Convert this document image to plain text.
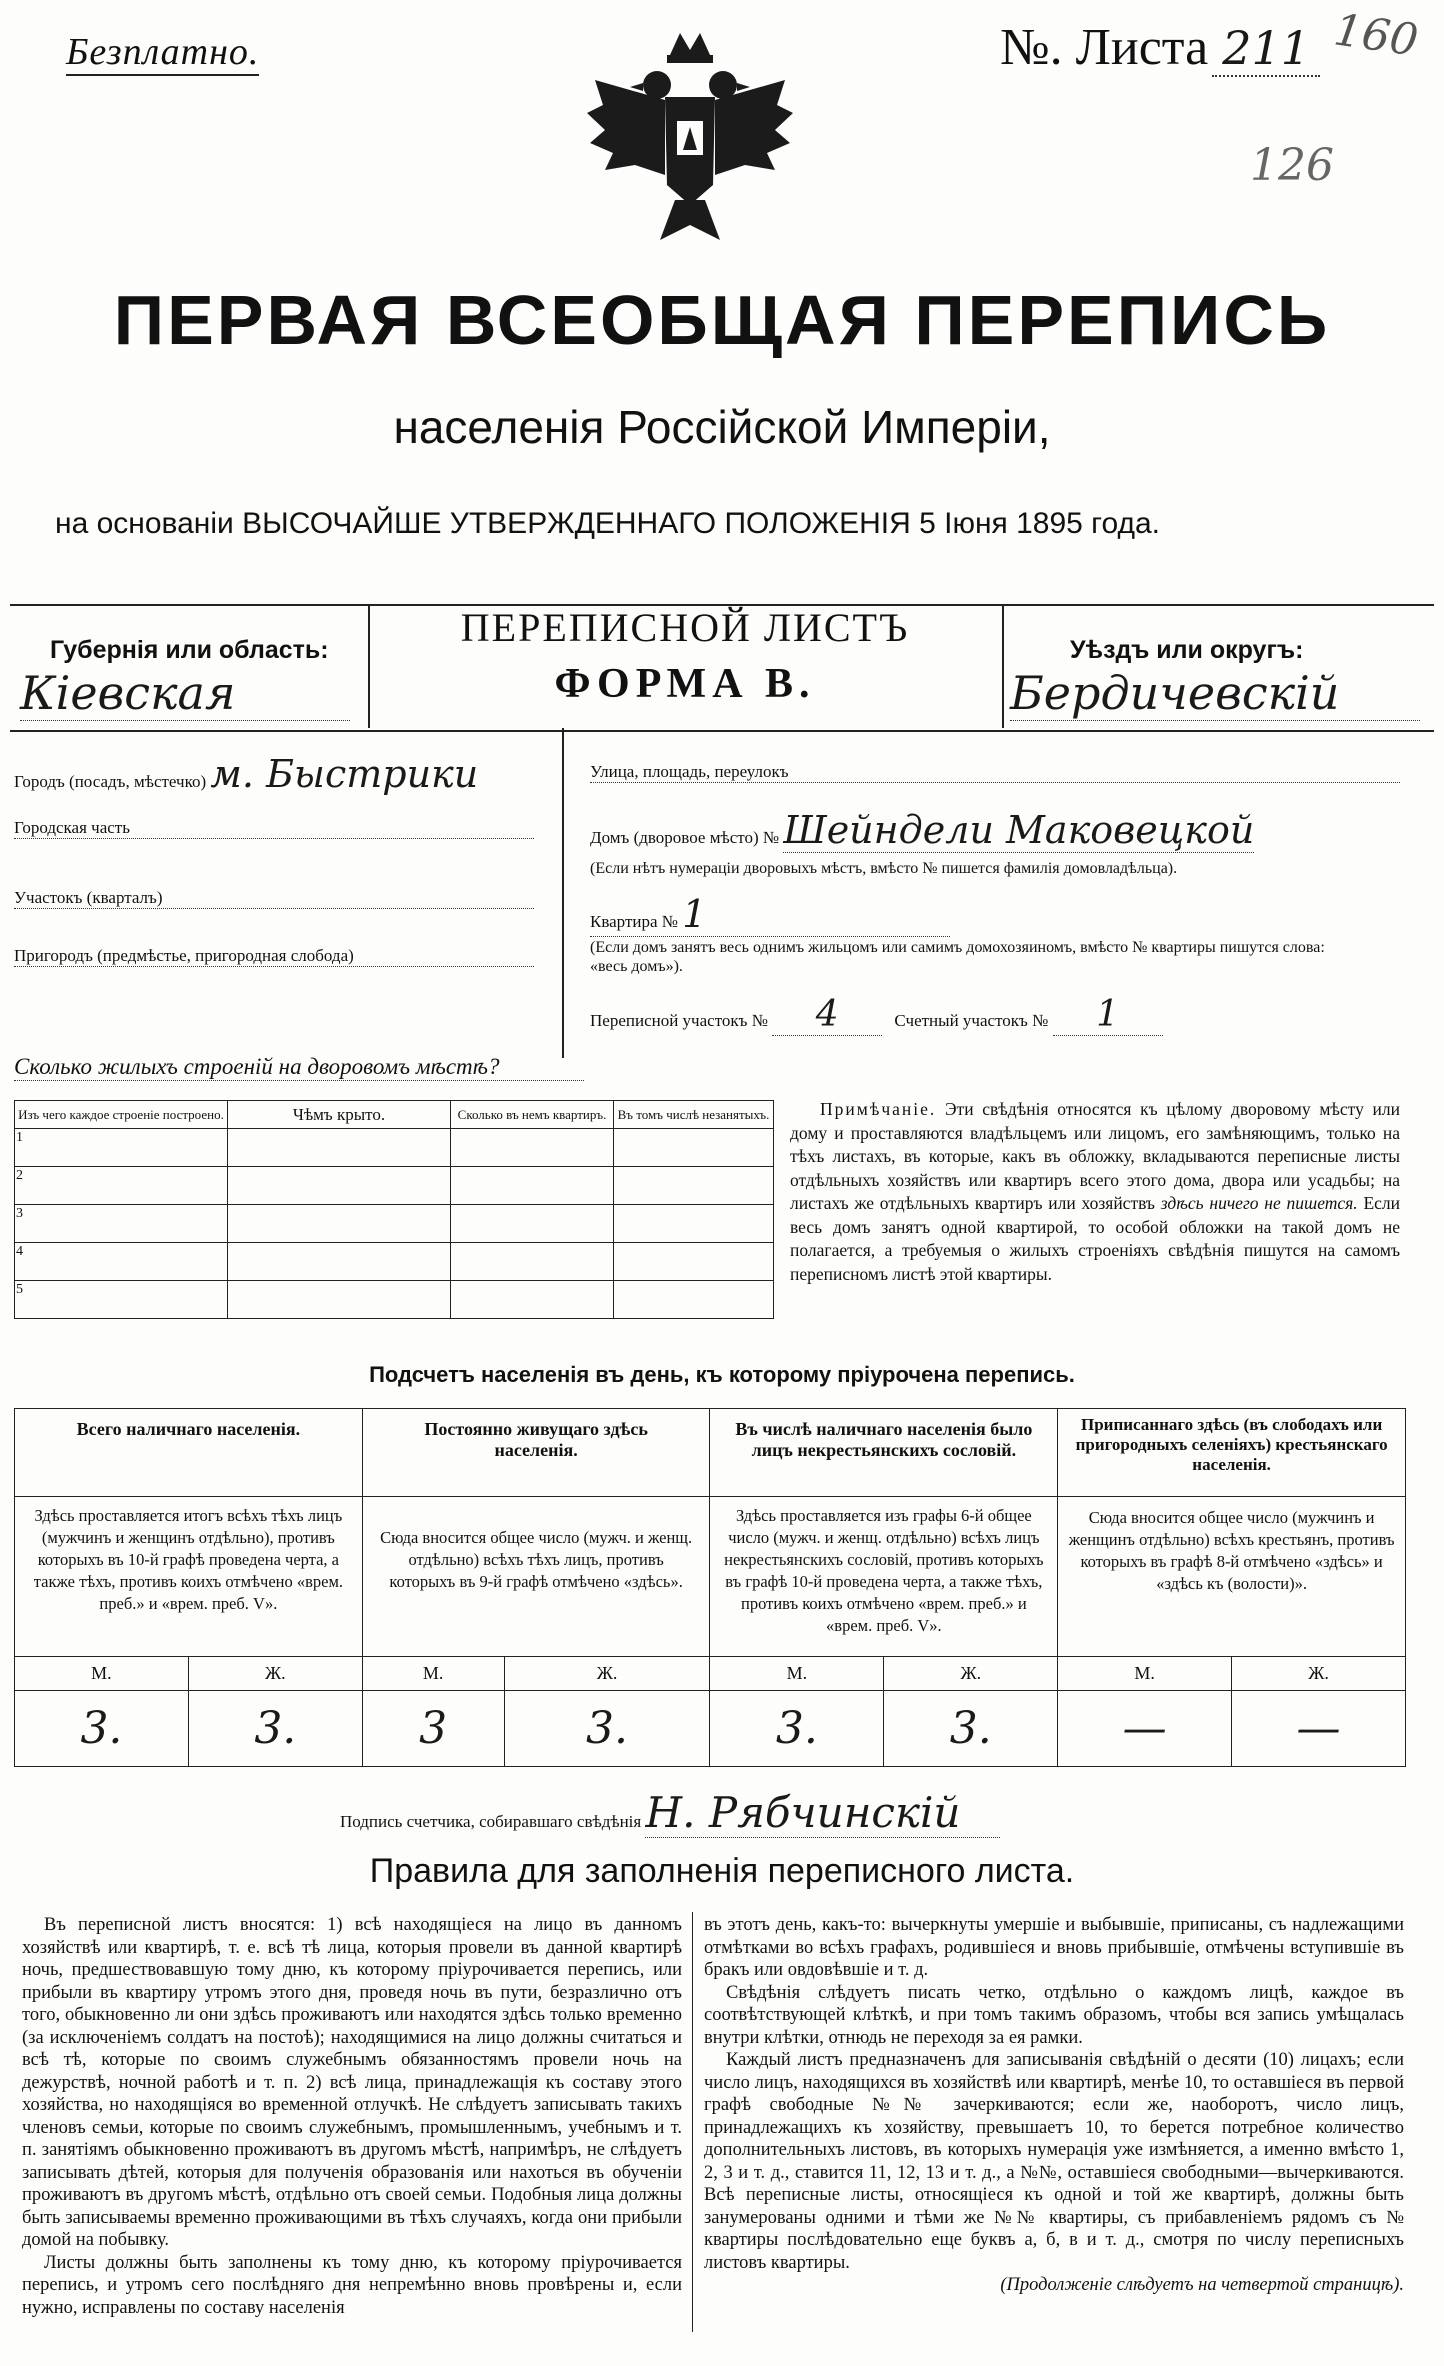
Безплатно.	№. Листа 211 160
126
ПЕРВАЯ ВСЕОБЩАЯ ПЕРЕПИСЬ
населенія Россійской Имперіи,
на основаніи ВЫСОЧАЙШЕ УТВЕРЖДЕННАГО ПОЛОЖЕНІЯ 5 Іюня 1895 года.
Губернія или область:
Кіевская
ПЕРЕПИСНОЙ ЛИСТЪ
ФОРМА В.
Уѣздъ или округъ:
Бердичевскій
Городъ (посадъ, мѣстечко) м. Быстрики
Городская часть
Участокъ (кварталъ)
Пригородъ (предмѣстье, пригородная слобода)
Улица, площадь, переулокъ
Домъ (дворовое мѣсто) № Шейндели Маковецкой
(Если нѣтъ нумераціи дворовыхъ мѣстъ, вмѣсто № пишется фамилія домовладѣльца).
Квартира № 1
(Если домъ занятъ весь однимъ жильцомъ или самимъ домохозяиномъ, вмѣсто № квартиры пишутся слова: «весь домъ»).
Переписной участокъ № 4	Счетный участокъ № 1
Сколько жилыхъ строеній на дворовомъ мѣстѣ?
Изъ чего каждое строеніе построено.	Чѣмъ крыто.	Сколько въ немъ квартиръ.	Въ томъ числѣ незанятыхъ.
1			
2			
3			
4			
5			
Примѣчаніе. Эти свѣдѣнія относятся къ цѣлому дворовому мѣсту или дому и проставляются владѣльцемъ или лицомъ, его замѣняющимъ, только на тѣхъ листахъ, въ которые, какъ въ обложку, вкладываются переписные листы отдѣльныхъ хозяйствъ или квартиръ всего этого дома, двора или усадьбы; на листахъ же отдѣльныхъ квартиръ или хозяйствъ здѣсь ничего не пишется. Если весь домъ занятъ одной квартирой, то особой обложки на такой домъ не полагается, а требуемыя о жилыхъ строеніяхъ свѣдѣнія пишутся на самомъ переписномъ листѣ этой квартиры.
Подсчетъ населенія въ день, къ которому пріурочена перепись.
Всего наличнаго населенія.		Постоянно живущаго здѣсь населенія.		Въ числѣ наличнаго населенія было лицъ некрестьянскихъ сословій.		Приписаннаго здѣсь (въ слободахъ или пригородныхъ селеніяхъ) крестьянскаго населенія.	
Здѣсь проставляется итогъ всѣхъ тѣхъ лицъ (мужчинъ и женщинъ отдѣльно), противъ которыхъ въ 10-й графѣ проведена черта, а также тѣхъ, противъ коихъ отмѣчено «врем. преб.» и «врем. преб. V».		Сюда вносится общее число (мужч. и женщ. отдѣльно) всѣхъ тѣхъ лицъ, противъ которыхъ въ 9-й графѣ отмѣчено «здѣсь».		Здѣсь проставляется изъ графы 6-й общее число (мужч. и женщ. отдѣльно) всѣхъ лицъ некрестьянскихъ сословій, противъ которыхъ въ графѣ 10-й проведена черта, а также тѣхъ, противъ коихъ отмѣчено «врем. преб.» и «врем. преб. V».		Сюда вносится общее число (мужчинъ и женщинъ отдѣльно) всѣхъ крестьянъ, противъ которыхъ въ графѣ 8-й отмѣчено «здѣсь» и «здѣсь къ (волости)».	
М.	Ж.	М.	Ж.	М.	Ж.	М.	Ж.
3.	3.	3	3.	3.	3.	—	—
Подпись счетчика, собиравшаго свѣдѣнія Н. Рябчинскій
Правила для заполненія переписного листа.

Въ переписной листъ вносятся: 1) всѣ находящіеся на лицо въ данномъ хозяйствѣ или квартирѣ, т. е. всѣ тѣ лица, которыя провели въ данной квартирѣ ночь, предшествовавшую тому дню, къ которому пріурочивается перепись, или прибыли въ квартиру утромъ этого дня, проведя ночь въ пути, безразлично отъ того, обыкновенно ли они здѣсь проживаютъ или находятся здѣсь только временно (за исключеніемъ солдатъ на постоѣ); находящимися на лицо должны считаться и всѣ тѣ, которые по своимъ служебнымъ обязанностямъ провели ночь на дежурствѣ, ночной работѣ и т. п. 2) всѣ лица, принадлежащія къ составу этого хозяйства, но находящіяся во временной отлучкѣ. Не слѣдуетъ записывать такихъ членовъ семьи, которые по своимъ служебнымъ, промышленнымъ, учебнымъ и т. п. занятіямъ обыкновенно проживаютъ въ другомъ мѣстѣ, напримѣръ, не слѣдуетъ записывать дѣтей, которыя для полученія образованія или нахоться въ обученіи проживаютъ въ другомъ мѣстѣ, отдѣльно отъ своей семьи. Подобныя лица должны быть записываемы временно проживающими въ тѣхъ случаяхъ, когда они прибыли домой на побывку.

Листы должны быть заполнены къ тому дню, къ которому пріурочивается перепись, и утромъ сего послѣдняго дня непремѣнно вновь провѣрены и, если нужно, исправлены по составу населенія

въ этотъ день, какъ-то: вычеркнуты умершіе и выбывшіе, приписаны, съ надлежащими отмѣтками во всѣхъ графахъ, родившіеся и вновь прибывшіе, отмѣчены вступившіе въ бракъ или овдовѣвшіе и т. д.

Свѣдѣнія слѣдуетъ писать четко, отдѣльно о каждомъ лицѣ, каждое въ соотвѣтствующей клѣткѣ, и при томъ такимъ образомъ, чтобы вся запись умѣщалась внутри клѣтки, отнюдь не переходя за ея рамки.

Каждый листъ предназначенъ для записыванія свѣдѣній о десяти (10) лицахъ; если число лицъ, находящихся въ хозяйствѣ или квартирѣ, менѣе 10, то оставшіеся въ первой графѣ свободные №№ зачеркиваются; если же, наоборотъ, число лицъ, принадлежащихъ къ хозяйству, превышаетъ 10, то берется потребное количество дополнительныхъ листовъ, въ которыхъ нумерація уже измѣняется, а именно вмѣсто 1, 2, 3 и т. д., ставится 11, 12, 13 и т. д., а №№, оставшіеся свободными—вычеркиваются. Всѣ переписные листы, относящіеся къ одной и той же квартирѣ, должны быть занумерованы одними и тѣми же №№ квартиры, съ прибавленіемъ рядомъ съ № квартиры послѣдовательно еще буквъ а, б, в и т. д., смотря по числу переписныхъ листовъ квартиры.

(Продолженіе слѣдуетъ на четвертой страницѣ).
